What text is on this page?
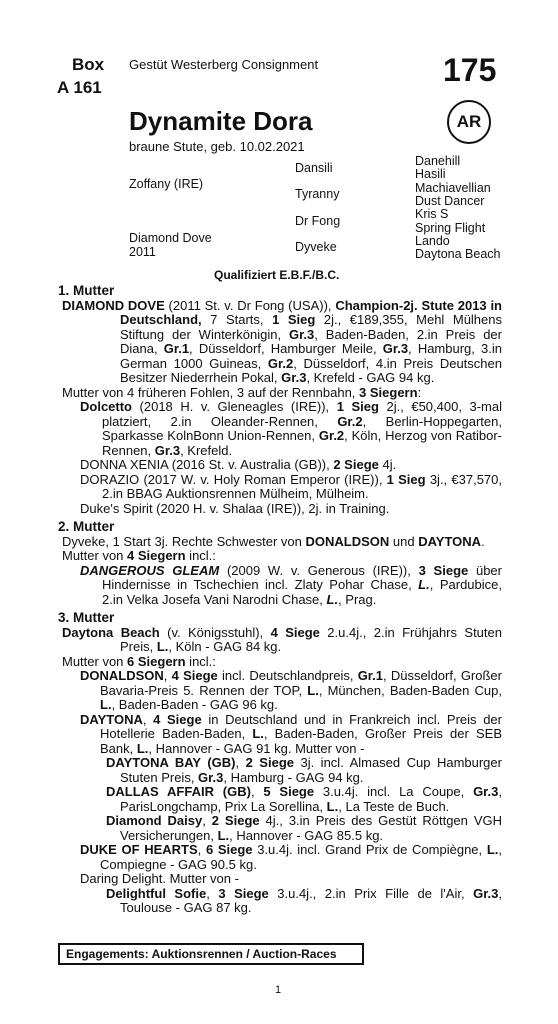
Box
A 161
Gestüt Westerberg Consignment	175
Dynamite Dora
braune Stute, geb. 10.02.2021
AR
Zoffany (IRE)
Diamond Dove
2011
Dansili
Tyranny
Dr Fong
Dyveke
Danehill
Hasili
Machiavellian
Dust Dancer
Kris S
Spring Flight
Lando
Daytona Beach
Qualifiziert E.B.F./B.C.
1. Mutter
DIAMOND DOVE (2011 St. v. Dr Fong (USA)), Champion-2j. Stute 2013 in Deutschland, 7 Starts, 1 Sieg 2j., €189,355, Mehl Mülhens Stiftung der Winterkönigin, Gr.3, Baden-Baden, 2.in Preis der Diana, Gr.1, Düsseldorf, Hamburger Meile, Gr.3, Hamburg, 3.in German 1000 Guineas, Gr.2, Düsseldorf, 4.in Preis Deutschen Besitzer Niederrhein Pokal, Gr.3, Krefeld - GAG 94 kg.
Mutter von 4 früheren Fohlen, 3 auf der Rennbahn, 3 Siegern:
Dolcetto (2018 H. v. Gleneagles (IRE)), 1 Sieg 2j., €50,400, 3-mal platziert, 2.in Oleander-Rennen, Gr.2, Berlin-Hoppegarten, Sparkasse KolnBonn Union-Rennen, Gr.2, Köln, Herzog von Ratibor-Rennen, Gr.3, Krefeld.
DONNA XENIA (2016 St. v. Australia (GB)), 2 Siege 4j.
DORAZIO (2017 W. v. Holy Roman Emperor (IRE)), 1 Sieg 3j., €37,570, 2.in BBAG Auktionsrennen Mülheim, Mülheim.
Duke's Spirit (2020 H. v. Shalaa (IRE)), 2j. in Training.
2. Mutter
Dyveke, 1 Start 3j. Rechte Schwester von DONALDSON und DAYTONA.
Mutter von 4 Siegern incl.:
DANGEROUS GLEAM (2009 W. v. Generous (IRE)), 3 Siege über Hindernisse in Tschechien incl. Zlaty Pohar Chase, L., Pardubice, 2.in Velka Josefa Vani Narodni Chase, L., Prag.
3. Mutter
Daytona Beach (v. Königsstuhl), 4 Siege 2.u.4j., 2.in Frühjahrs Stuten Preis, L., Köln - GAG 84 kg.
Mutter von 6 Siegern incl.:
DONALDSON, 4 Siege incl. Deutschlandpreis, Gr.1, Düsseldorf, Großer Bavaria-Preis 5. Rennen der TOP, L., München, Baden-Baden Cup, L., Baden-Baden - GAG 96 kg.
DAYTONA, 4 Siege in Deutschland und in Frankreich incl. Preis der Hotellerie Baden-Baden, L., Baden-Baden, Großer Preis der SEB Bank, L., Hannover - GAG 91 kg. Mutter von -
DAYTONA BAY (GB), 2 Siege 3j. incl. Almased Cup Hamburger Stuten Preis, Gr.3, Hamburg - GAG 94 kg.
DALLAS AFFAIR (GB), 5 Siege 3.u.4j. incl. La Coupe, Gr.3, ParisLongchamp, Prix La Sorellina, L., La Teste de Buch.
Diamond Daisy, 2 Siege 4j., 3.in Preis des Gestüt Röttgen VGH Versicherungen, L., Hannover - GAG 85.5 kg.
DUKE OF HEARTS, 6 Siege 3.u.4j. incl. Grand Prix de Compiègne, L., Compiegne - GAG 90.5 kg.
Daring Delight. Mutter von -
Delightful Sofie, 3 Siege 3.u.4j., 2.in Prix Fille de l'Air, Gr.3, Toulouse - GAG 87 kg.
Engagements: Auktionsrennen / Auction-Races
1
